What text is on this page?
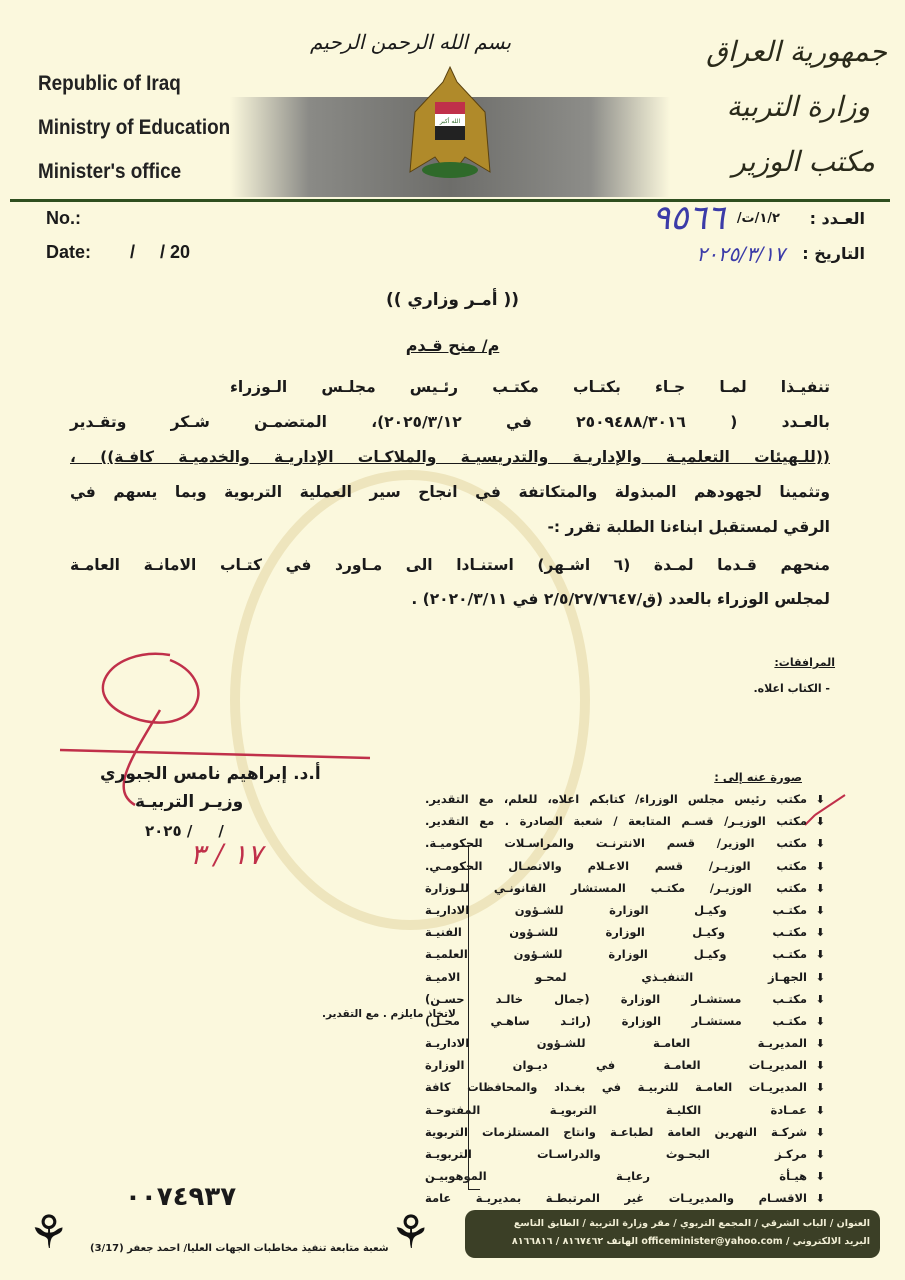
بسم الله الرحمن الرحيم
Republic of Iraq
Ministry of Education
Minister's office
الله أكبر
جمهورية العراق
وزارة التربية
مكتب الوزير
No.:
Date: /     / 20
العـدد :
١/٢/ت/
٩٥٦٦
التاريخ :
٢٠٢٥/٣/١٧
(( أمـر وزاري ))
م/ منح قـدم
تنفيـذا لمـا جـاء بكتـاب مكتـب رئـيس مجلـس الـوزراء
بالعـدد ( ٢٥٠٩٤٨٨/٣٠١٦ في ٢٠٢٥/٣/١٢)، المتضمـن شـكر وتقـدير
((للـهيئات التعلميـة والإداريـة والتدريسيـة والملاكـات الإداريـة والخدميـة كافـة)) ،
وتثمينا لجهودهم المبذولة والمتكاتفة في انجاح سير العملية التربوية وبما يسهم في
الرقي لمستقبل ابناءنا الطلبة تقرر :-
منحهم قـدما لمـدة (٦ اشـهر) استنـادا الى مـاورد في كتـاب الامانـة العامـة
لمجلس الوزراء بالعدد (ق/٢/٥/٢٧/٧٦٤٧ في ٢٠٢٠/٣/١١) .
المرافقات:
- الكتاب اعلاه.
أ.د. إبراهيم نامس الجبوري
وزيـر التربيـة
/     / ٢٠٢٥
١٧ / ٣
صورة عنه إلى :
⬇مكتب رئيس مجلس الوزراء/ كتابكم اعلاه، للعلم، مع التقدير.
⬇مكتب الوزيـر/ قسـم المتابعة / شعبة الصادرة . مع التقدير.
⬇مكتب الوزير/ قسم الانترنـت والمراسـلات الحكوميـة.
⬇مكتب الوزيـر/ قسم الاعـلام والاتصـال الحكومـي.
⬇مكتب الوزيـر/ مكتـب المستشار القانونـي للـوزارة
⬇مكتـب وكيـل الوزارة للشـؤون الاداريـة
⬇مكتـب وكيـل الوزارة للشـؤون الفنيـة
⬇مكتـب وكيـل الوزارة للشـؤون العلميـة
⬇الجهـاز التنفيـذي لمحـو الاميـة
⬇مكتـب مستشـار الوزارة (جمال خالـد حسـن)
⬇مكتـب مستشـار الوزارة (رائـد ساهـي محـل)
⬇المديريـة العامـة للشـؤون الاداريـة
⬇المديريـات العامـة في ديـوان الوزارة
⬇المديريـات العامـة للتربيـة في بغـداد والمحافظات كافة
⬇عمـادة الكليـة التربويـة المفتوحـة
⬇شركـة النهرين العامة لطباعـة وانتاج المستلزمات التربوية
⬇مركـز البحـوث والدراسـات التربويـة
⬇هيـأة رعايـة الموهوبيـن
⬇الاقسـام والمديريـات غير المرتبطـة بمديريـة عامة
لاتخاذ مايلزم . مع التقدير.
٠٠٧٤٩٣٧
⚘	⚘
شعبة متابعة تنفيذ مخاطبات الجهات العليا/ احمد جعفر (3/17)
العنوان / الباب الشرقي / المجمع التربوي / مقر وزارة التربية / الطابق التاسع
البريد الالكتروني / officeminister@yahoo.com الهاتف ٨١٦٧٤٦٢ / ٨١٦٦٨١٦
